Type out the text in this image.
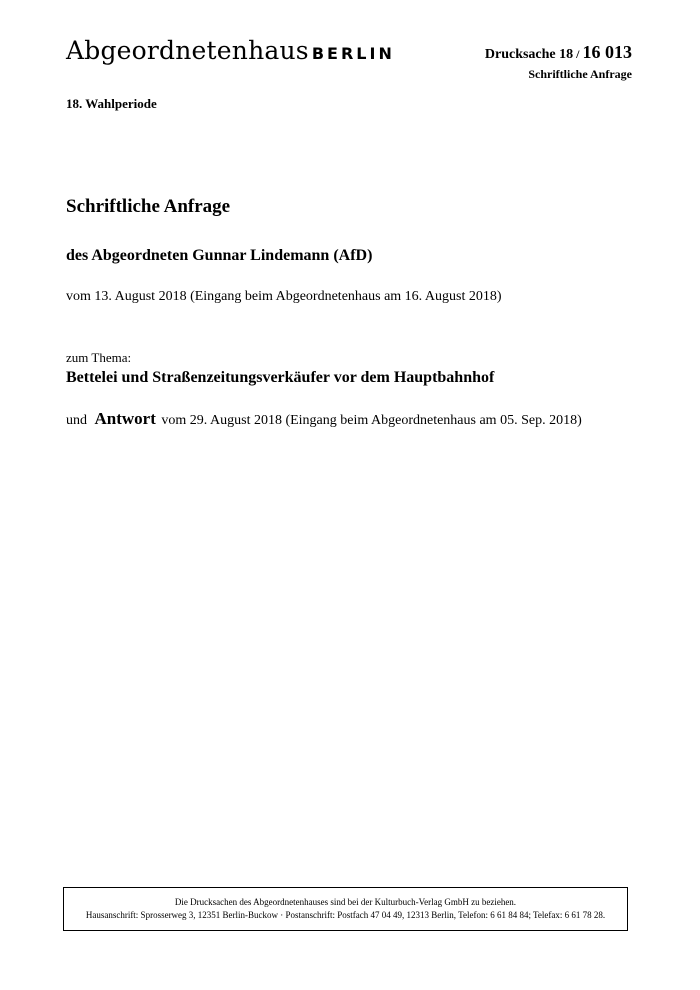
Abgeordnetenhaus BERLIN	Drucksache 18 / 16 013
Schriftliche Anfrage
18. Wahlperiode
Schriftliche Anfrage
des Abgeordneten Gunnar Lindemann (AfD)
vom 13. August 2018 (Eingang beim Abgeordnetenhaus am 16. August 2018)
zum Thema:
Bettelei und Straßenzeitungsverkäufer vor dem Hauptbahnhof
und Antwort vom 29. August 2018 (Eingang beim Abgeordnetenhaus am 05. Sep. 2018)
Die Drucksachen des Abgeordnetenhauses sind bei der Kulturbuch-Verlag GmbH zu beziehen.
Hausanschrift: Sprosserweg 3, 12351 Berlin-Buckow · Postanschrift: Postfach 47 04 49, 12313 Berlin, Telefon: 6 61 84 84; Telefax: 6 61 78 28.
